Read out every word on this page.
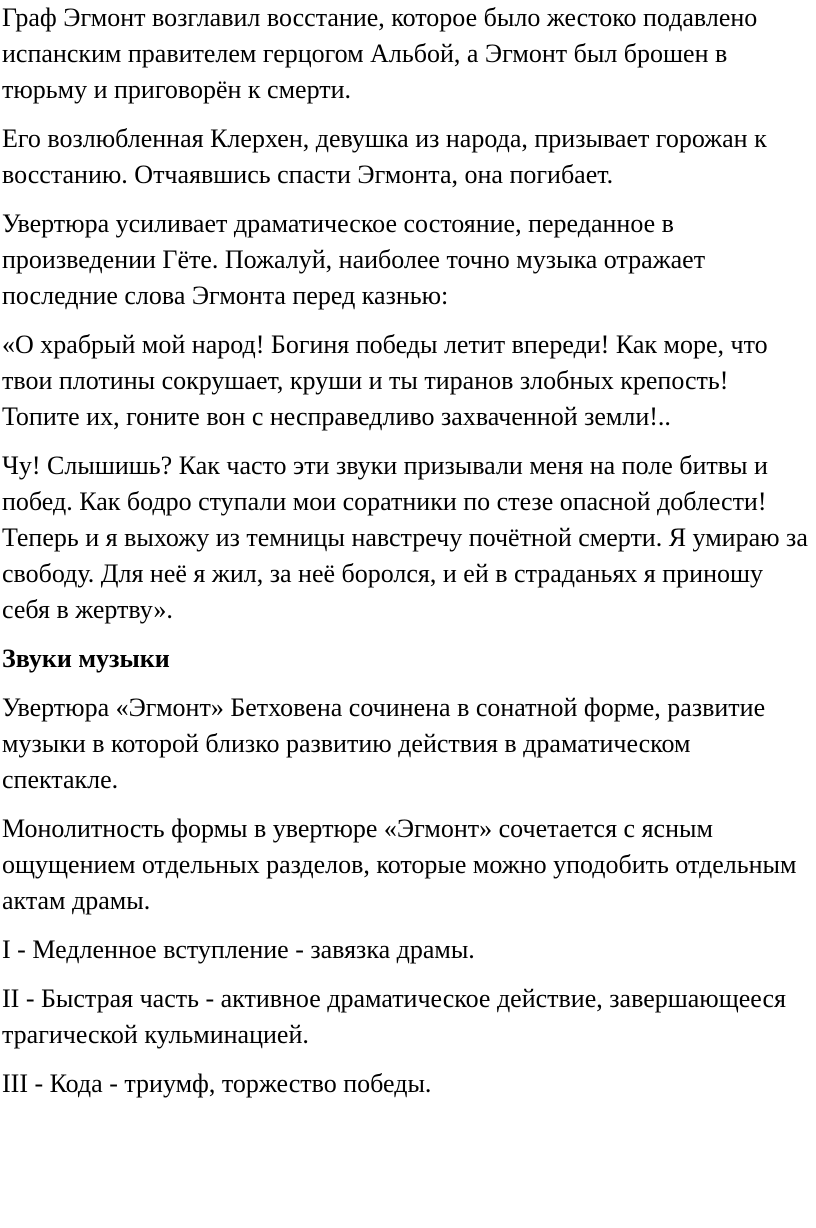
Граф Эгмонт возглавил восстание, которое было жестоко подавлено испанским правителем герцогом Альбой, а Эгмонт был брошен в тюрьму и приговорён к смерти.

Его возлюбленная Клерхен, девушка из народа, призывает горожан к восстанию. Отчаявшись спасти Эгмонта, она погибает.

Увертюра усиливает драматическое состояние, переданное в произведении Гёте. Пожалуй, наиболее точно музыка отражает последние слова Эгмонта перед казнью:

«О храбрый мой народ! Богиня победы летит впереди! Как море, что твои плотины сокрушает, круши и ты тиранов злобных крепость! Топите их, гоните вон с несправедливо захваченной земли!..

Чу! Слышишь? Как часто эти звуки призывали меня на поле битвы и побед. Как бодро ступали мои соратники по стезе опасной доблести! Теперь и я выхожу из темницы навстречу почётной смерти. Я умираю за свободу. Для неё я жил, за неё боролся, и ей в страданьях я приношу себя в жертву».

Звуки музыки

Увертюра «Эгмонт» Бетховена сочинена в сонатной форме, развитие музыки в которой близко развитию действия в драматическом спектакле.

Монолитность формы в увертюре «Эгмонт» сочетается с ясным ощущением отдельных разделов, которые можно уподобить отдельным актам драмы.

I - Медленное вступление - завязка драмы.

II - Быстрая часть - активное драматическое действие, завершающееся трагической кульминацией.

III - Кода - триумф, торжество победы.
